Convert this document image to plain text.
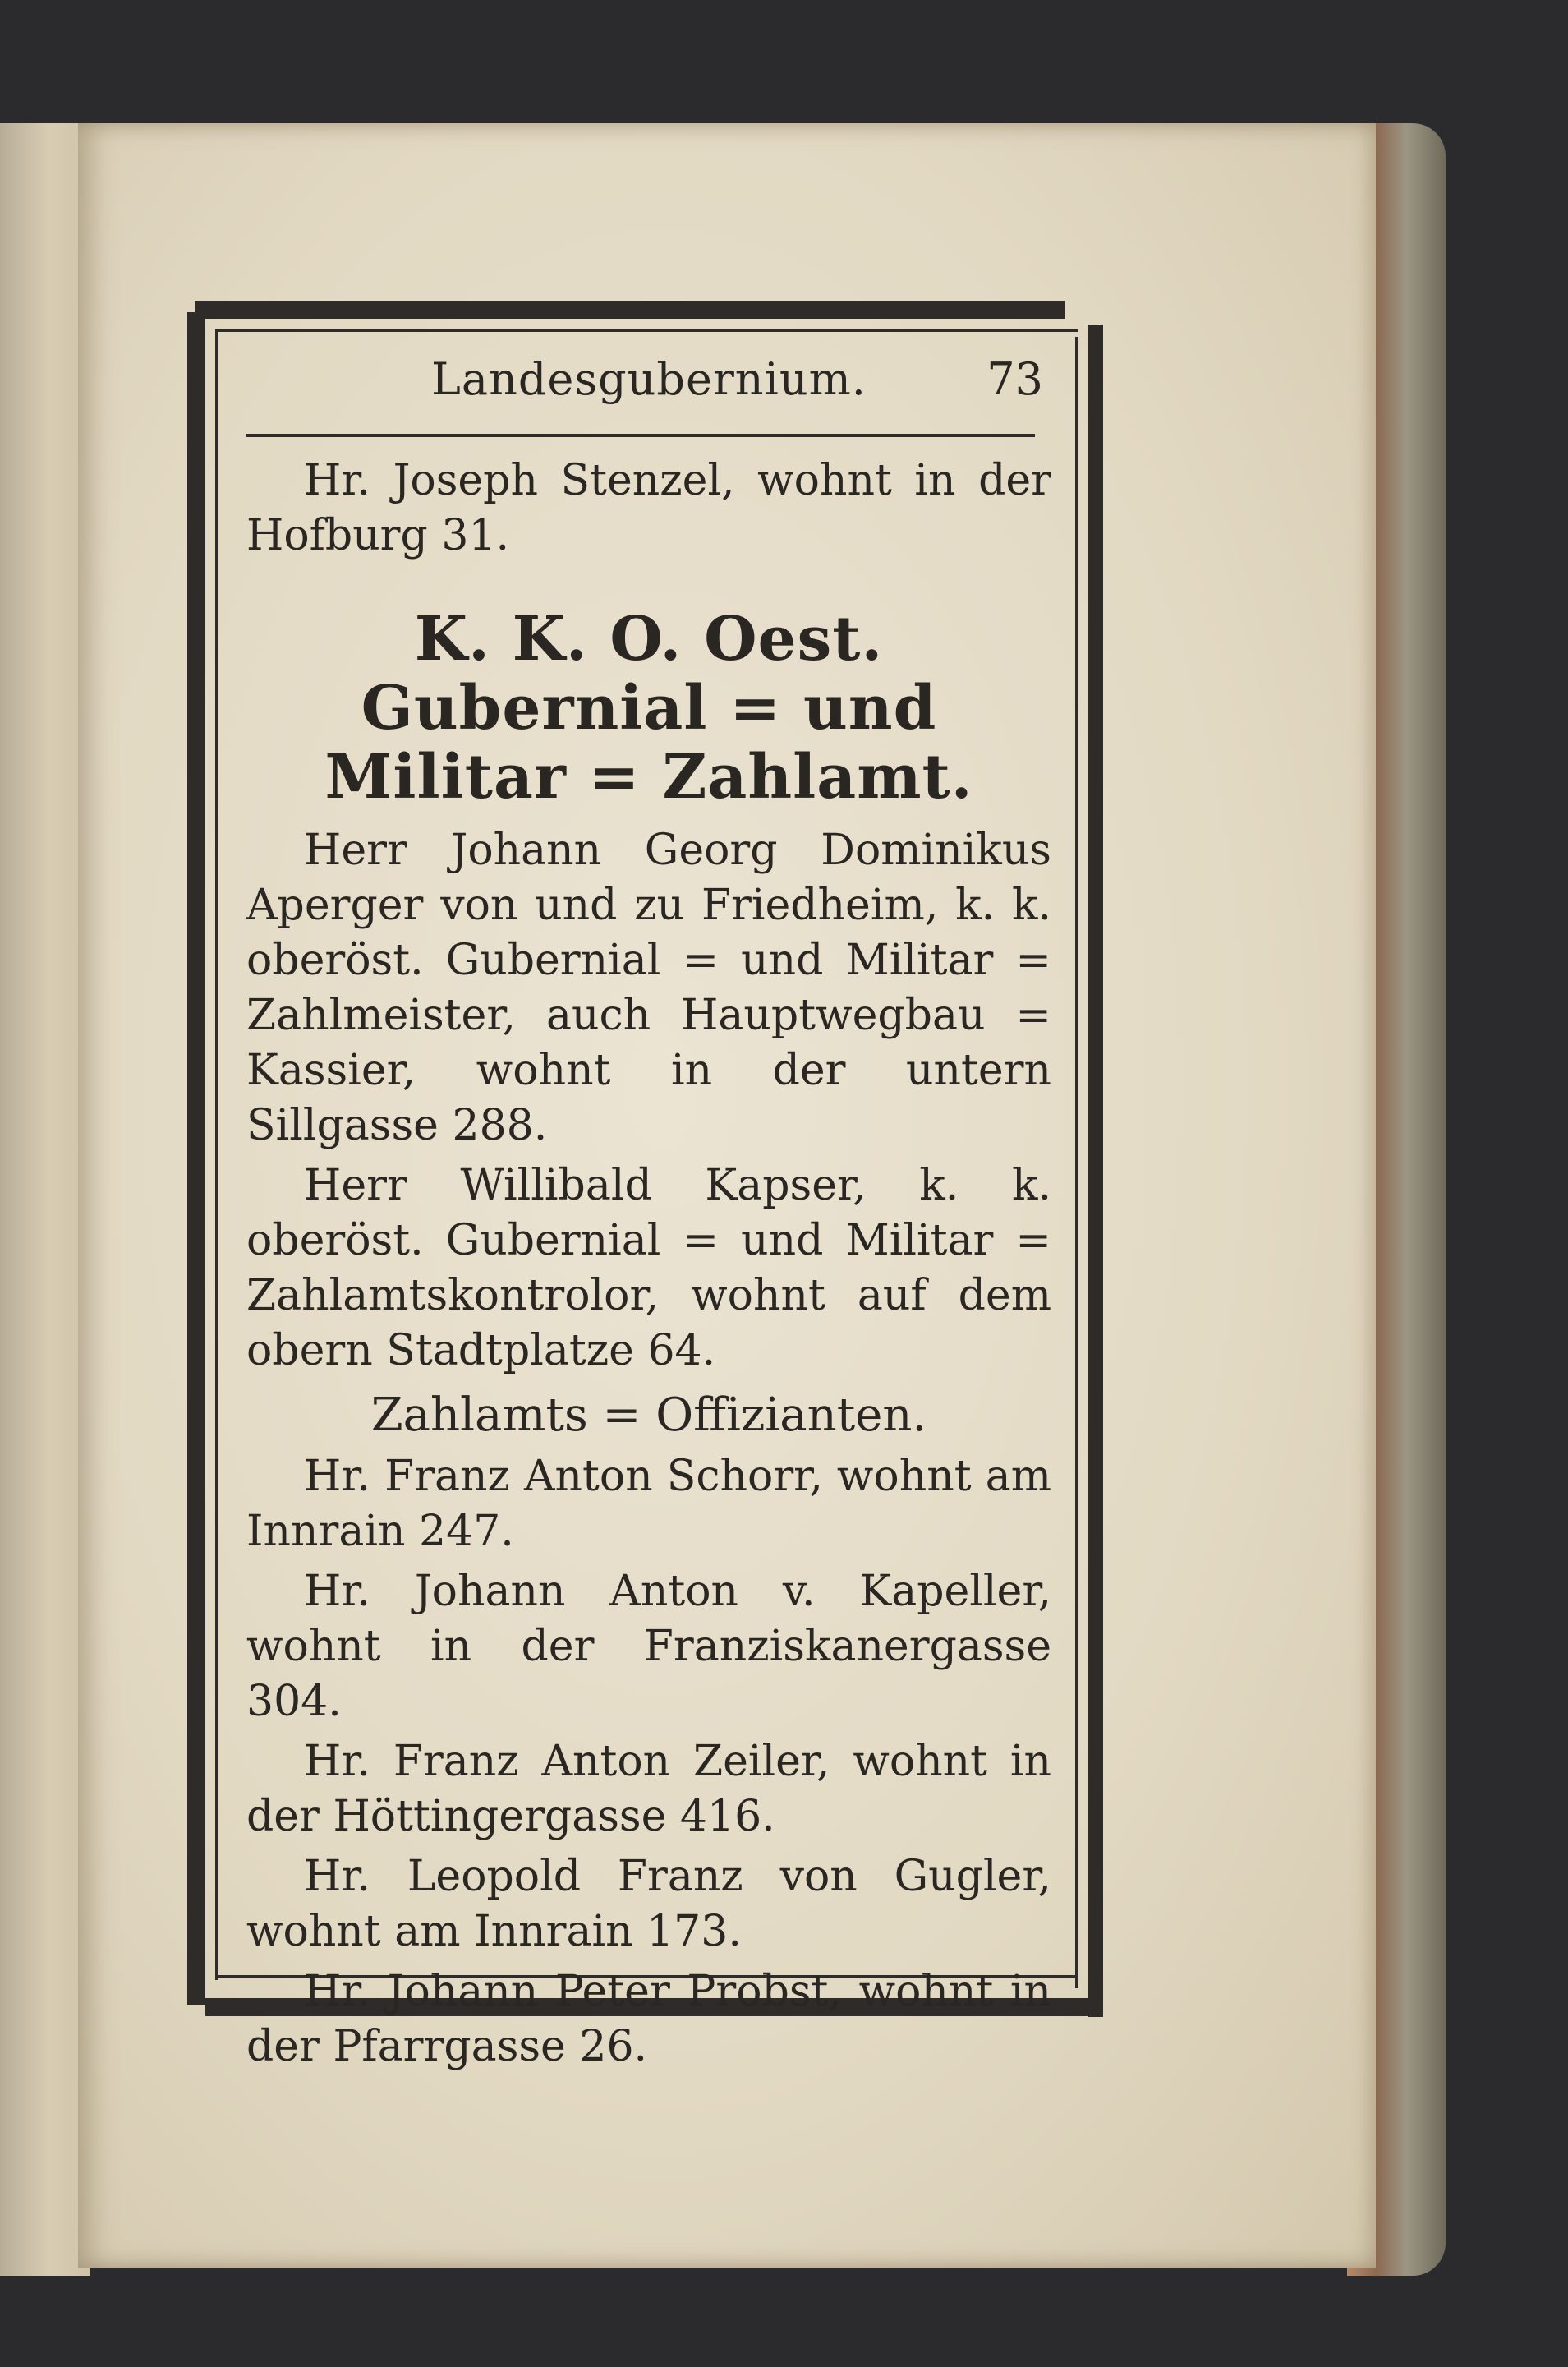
Landesgubernium.	73

Hr. Joseph Stenzel, wohnt in der Hofburg 31.

K. K. O. Oest. Gubernial = und Militar = Zahlamt.

Herr Johann Georg Dominikus Aperger von und zu Friedheim, k. k. oberöst. Gubernial = und Militar = Zahlmeister, auch Hauptwegbau = Kassier, wohnt in der untern Sillgasse 288.

Herr Willibald Kapser, k. k. oberöst. Gubernial = und Militar = Zahlamtskontrolor, wohnt auf dem obern Stadtplatze 64.

Zahlamts = Offizianten.

Hr. Franz Anton Schorr, wohnt am Innrain 247.

Hr. Johann Anton v. Kapeller, wohnt in der Franziskanergasse 304.

Hr. Franz Anton Zeiler, wohnt in der Höttingergasse 416.

Hr. Leopold Franz von Gugler, wohnt am Innrain 173.

Hr. Johann Peter Probst, wohnt in der Pfarrgasse 26.
